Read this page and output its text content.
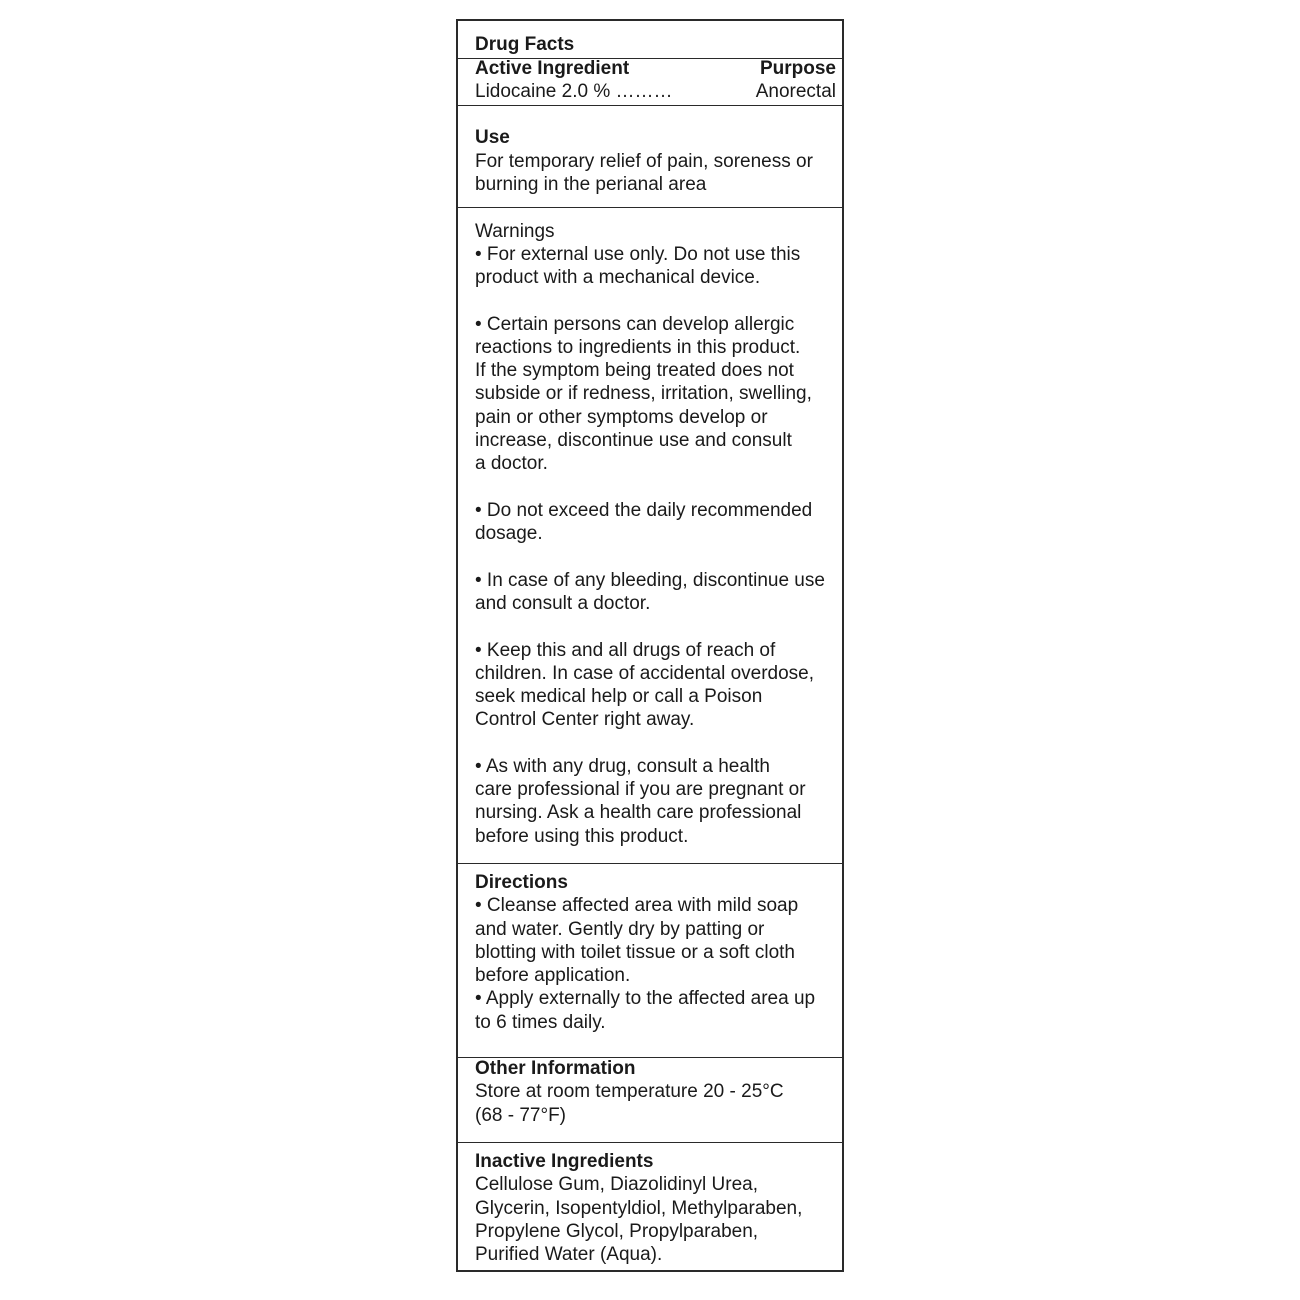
Drug Facts
Active Ingredient	Purpose
Lidocaine 2.0 % ………	Anorectal
Use
For temporary relief of pain, soreness or
burning in the perianal area
Warnings
• For external use only. Do not use this
product with a mechanical device.
• Certain persons can develop allergic
reactions to ingredients in this product.
If the symptom being treated does not
subside or if redness, irritation, swelling,
pain or other symptoms develop or
increase, discontinue use and consult
a doctor.
• Do not exceed the daily recommended
dosage.
• In case of any bleeding, discontinue use
and consult a doctor.
• Keep this and all drugs of reach of
children. In case of accidental overdose,
seek medical help or call a Poison
Control Center right away.
• As with any drug, consult a health
care professional if you are pregnant or
nursing. Ask a health care professional
before using this product.
Directions
• Cleanse affected area with mild soap
and water. Gently dry by patting or
blotting with toilet tissue or a soft cloth
before application.
• Apply externally to the affected area up
to 6 times daily.
Other Information
Store at room temperature 20 - 25°C
(68 - 77°F)
Inactive Ingredients
Cellulose Gum, Diazolidinyl Urea,
Glycerin, Isopentyldiol, Methylparaben,
Propylene Glycol, Propylparaben,
Purified Water (Aqua).
